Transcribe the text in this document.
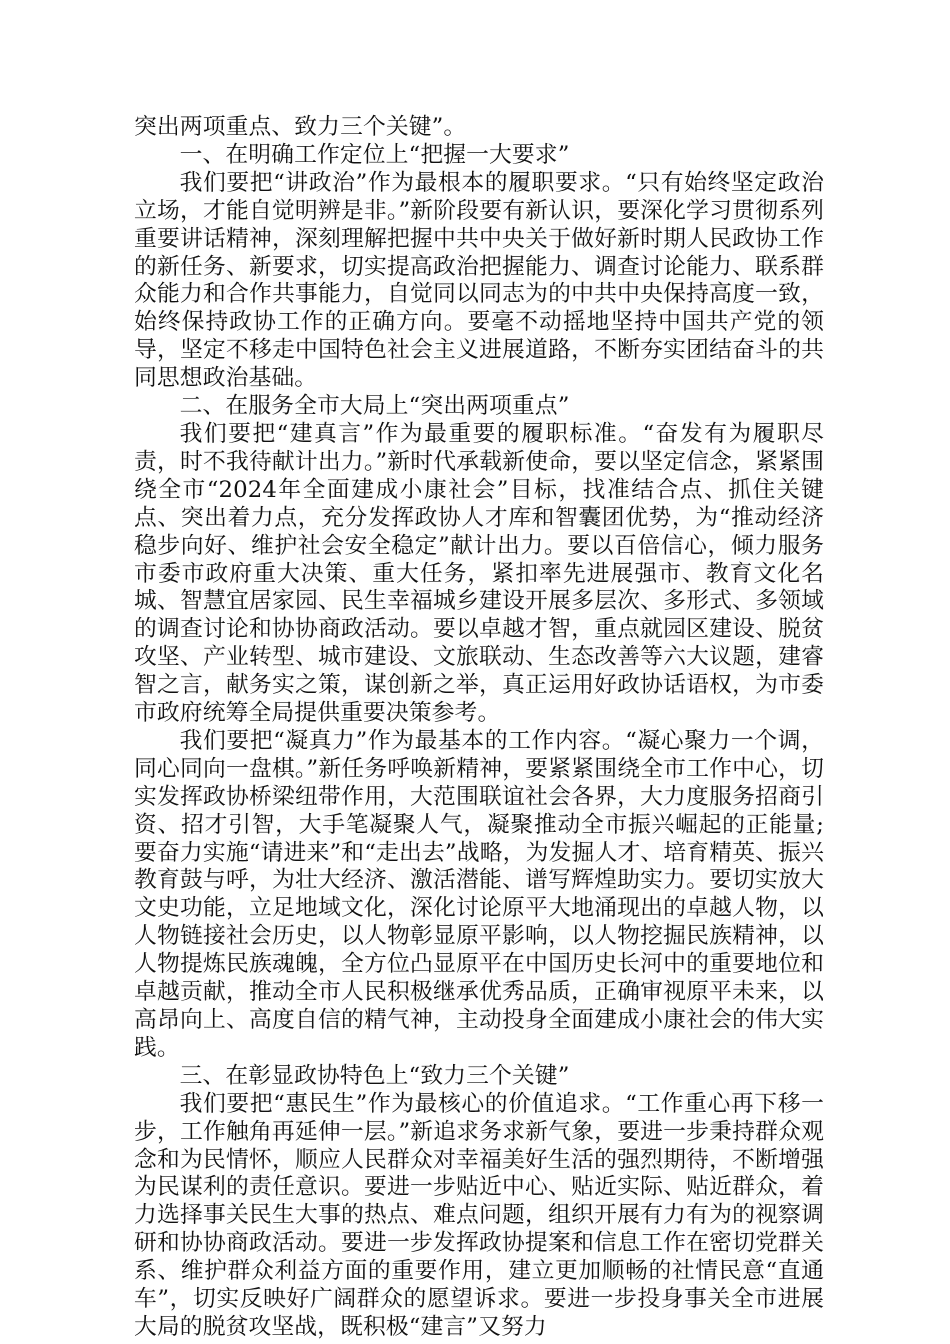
突出两项重点、致力三个关键”。

一、在明确工作定位上“把握一大要求”

我们要把“讲政治”作为最根本的履职要求。“只有始终坚定政治立场，才能自觉明辨是非。”新阶段要有新认识，要深化学习贯彻系列重要讲话精神，深刻理解把握中共中央关于做好新时期人民政协工作的新任务、新要求，切实提高政治把握能力、调查讨论能力、联系群众能力和合作共事能力，自觉同以同志为的中共中央保持高度一致，始终保持政协工作的正确方向。要毫不动摇地坚持中国共产党的领导，坚定不移走中国特色社会主义进展道路，不断夯实团结奋斗的共同思想政治基础。

二、在服务全市大局上“突出两项重点”

我们要把“建真言”作为最重要的履职标准。“奋发有为履职尽责，时不我待献计出力。”新时代承载新使命，要以坚定信念，紧紧围绕全市“2024年全面建成小康社会”目标，找准结合点、抓住关键点、突出着力点，充分发挥政协人才库和智囊团优势，为“推动经济稳步向好、维护社会安全稳定”献计出力。要以百倍信心，倾力服务市委市政府重大决策、重大任务，紧扣率先进展强市、教育文化名城、智慧宜居家园、民生幸福城乡建设开展多层次、多形式、多领域的调查讨论和协协商政活动。要以卓越才智，重点就园区建设、脱贫攻坚、产业转型、城市建设、文旅联动、生态改善等六大议题，建睿智之言，献务实之策，谋创新之举，真正运用好政协话语权，为市委市政府统筹全局提供重要决策参考。

我们要把“凝真力”作为最基本的工作内容。“凝心聚力一个调，同心同向一盘棋。”新任务呼唤新精神，要紧紧围绕全市工作中心，切实发挥政协桥梁纽带作用，大范围联谊社会各界，大力度服务招商引资、招才引智，大手笔凝聚人气，凝聚推动全市振兴崛起的正能量;要奋力实施“请进来”和“走出去”战略，为发掘人才、培育精英、振兴教育鼓与呼，为壮大经济、激活潜能、谱写辉煌助实力。要切实放大文史功能，立足地域文化，深化讨论原平大地涌现出的卓越人物，以人物链接社会历史，以人物彰显原平影响，以人物挖掘民族精神，以人物提炼民族魂魄，全方位凸显原平在中国历史长河中的重要地位和卓越贡献，推动全市人民积极继承优秀品质，正确审视原平未来，以高昂向上、高度自信的精气神，主动投身全面建成小康社会的伟大实践。

三、在彰显政协特色上“致力三个关键”

我们要把“惠民生”作为最核心的价值追求。“工作重心再下移一步，工作触角再延伸一层。”新追求务求新气象，要进一步秉持群众观念和为民情怀，顺应人民群众对幸福美好生活的强烈期待，不断增强为民谋利的责任意识。要进一步贴近中心、贴近实际、贴近群众，着力选择事关民生大事的热点、难点问题，组织开展有力有为的视察调研和协协商政活动。要进一步发挥政协提案和信息工作在密切党群关系、维护群众利益方面的重要作用，建立更加顺畅的社情民意“直通车”，切实反映好广阔群众的愿望诉求。要进一步投身事关全市进展大局的脱贫攻坚战，既积极“建言”又努力
